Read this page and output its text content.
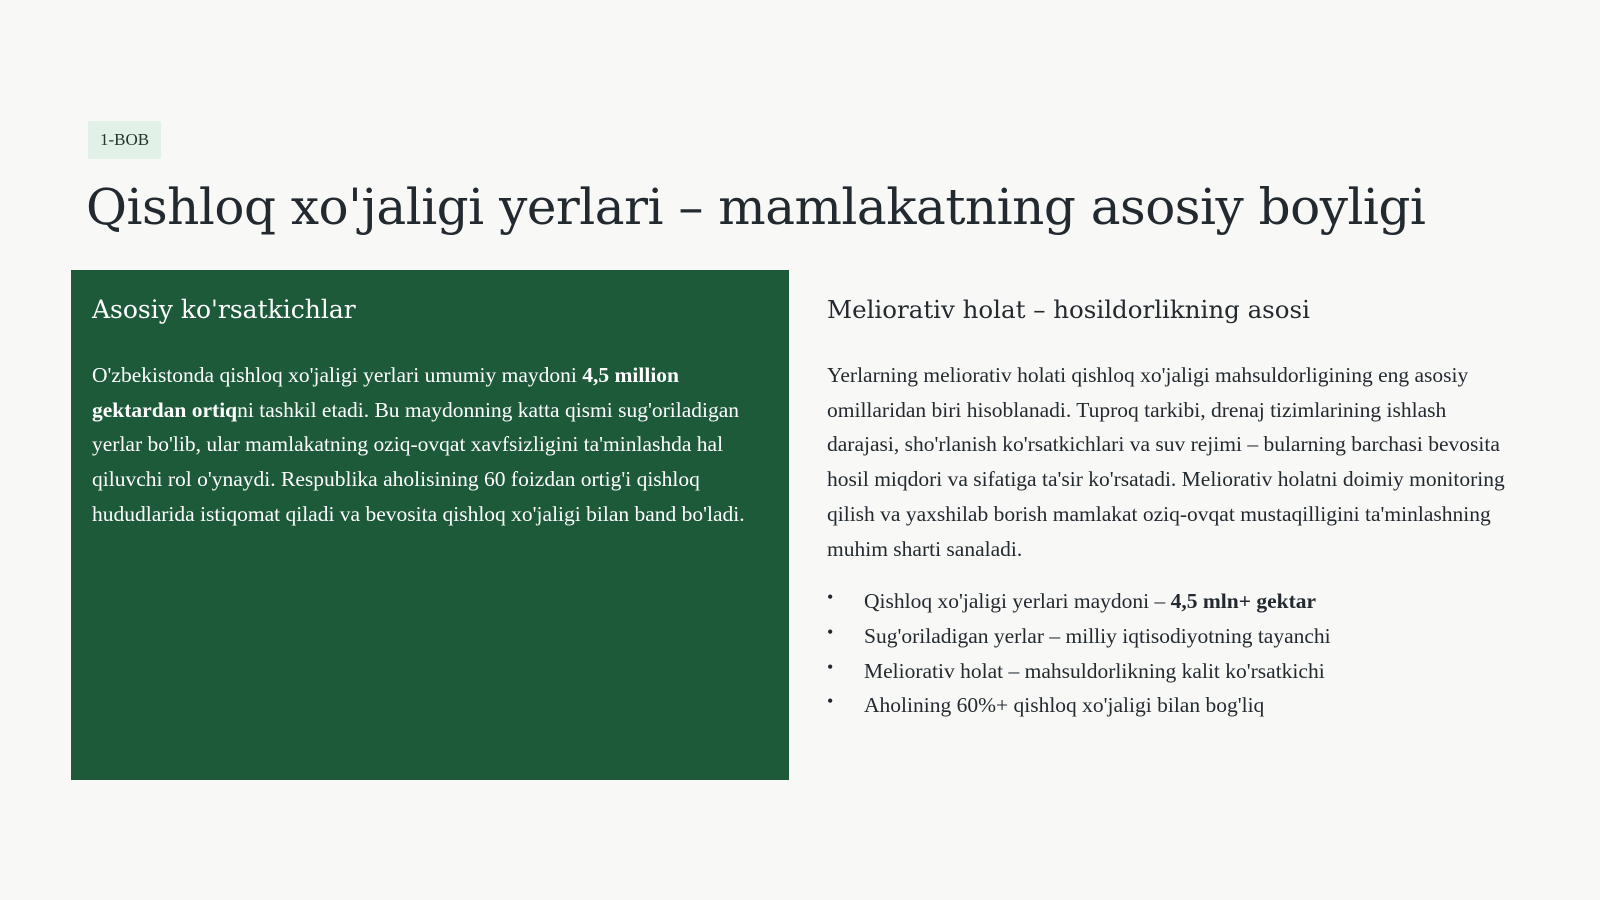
1-BOB
Qishloq xo'jaligi yerlari – mamlakatning asosiy boyligi
Asosiy ko'rsatkichlar

O'zbekistonda qishloq xo'jaligi yerlari umumiy maydoni 4,5 million gektardan ortiqni tashkil etadi. Bu maydonning katta qismi sug'oriladigan yerlar bo'lib, ular mamlakatning oziq-ovqat xavfsizligini ta'minlashda hal qiluvchi rol o'ynaydi. Respublika aholisining 60 foizdan ortig'i qishloq hududlarida istiqomat qiladi va bevosita qishloq xo'jaligi bilan band bo'ladi.

Meliorativ holat – hosildorlikning asosi

Yerlarning meliorativ holati qishloq xo'jaligi mahsuldorligining eng asosiy omillaridan biri hisoblanadi. Tuproq tarkibi, drenaj tizimlarining ishlash darajasi, sho'rlanish ko'rsatkichlari va suv rejimi – bularning barchasi bevosita hosil miqdori va sifatiga ta'sir ko'rsatadi. Meliorativ holatni doimiy monitoring qilish va yaxshilab borish mamlakat oziq-ovqat mustaqilligini ta'minlashning muhim sharti sanaladi.

• Qishloq xo'jaligi yerlari maydoni – 4,5 mln+ gektar
• Sug'oriladigan yerlar – milliy iqtisodiyotning tayanchi
• Meliorativ holat – mahsuldorlikning kalit ko'rsatkichi
• Aholining 60%+ qishloq xo'jaligi bilan bog'liq
